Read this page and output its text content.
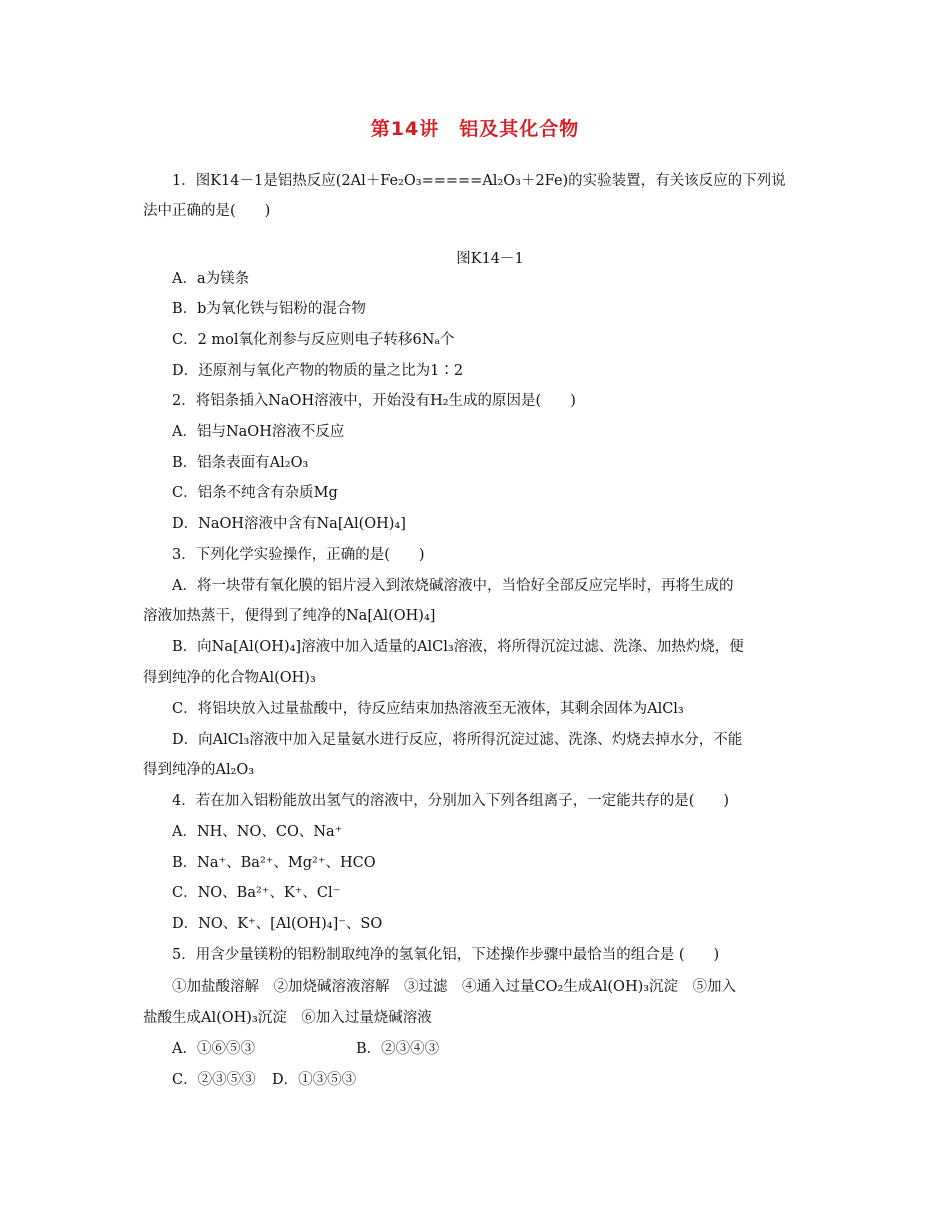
第14讲　铝及其化合物
1．图K14－1是铝热反应(2Al＋Fe₂O₃=====Al₂O₃＋2Fe)的实验装置，有关该反应的下列说
法中正确的是(　　)
图K14－1
A．a为镁条
B．b为氧化铁与铝粉的混合物
C．2 mol氧化剂参与反应则电子转移6Nₐ个
D．还原剂与氧化产物的物质的量之比为1∶2
2．将铝条插入NaOH溶液中，开始没有H₂生成的原因是(　　)
A．铝与NaOH溶液不反应
B．铝条表面有Al₂O₃
C．铝条不纯含有杂质Mg
D．NaOH溶液中含有Na[Al(OH)₄]
3．下列化学实验操作，正确的是(　　)
A．将一块带有氧化膜的铝片浸入到浓烧碱溶液中，当恰好全部反应完毕时，再将生成的
溶液加热蒸干，便得到了纯净的Na[Al(OH)₄]
B．向Na[Al(OH)₄]溶液中加入适量的AlCl₃溶液，将所得沉淀过滤、洗涤、加热灼烧，便
得到纯净的化合物Al(OH)₃
C．将铝块放入过量盐酸中，待反应结束加热溶液至无液体，其剩余固体为AlCl₃
D．向AlCl₃溶液中加入足量氨水进行反应，将所得沉淀过滤、洗涤、灼烧去掉水分，不能
得到纯净的Al₂O₃
4．若在加入铝粉能放出氢气的溶液中，分别加入下列各组离子，一定能共存的是(　　)
A．NH、NO、CO、Na⁺
B．Na⁺、Ba²⁺、Mg²⁺、HCO
C．NO、Ba²⁺、K⁺、Cl⁻
D．NO、K⁺、[Al(OH)₄]⁻、SO
5．用含少量镁粉的铝粉制取纯净的氢氧化铝，下述操作步骤中最恰当的组合是 (　　)
①加盐酸溶解　②加烧碱溶液溶解　③过滤　④通入过量CO₂生成Al(OH)₃沉淀　⑤加入
盐酸生成Al(OH)₃沉淀　⑥加入过量烧碱溶液
A．①⑥⑤③	B．②③④③
C．②③⑤③ D．①③⑤③
